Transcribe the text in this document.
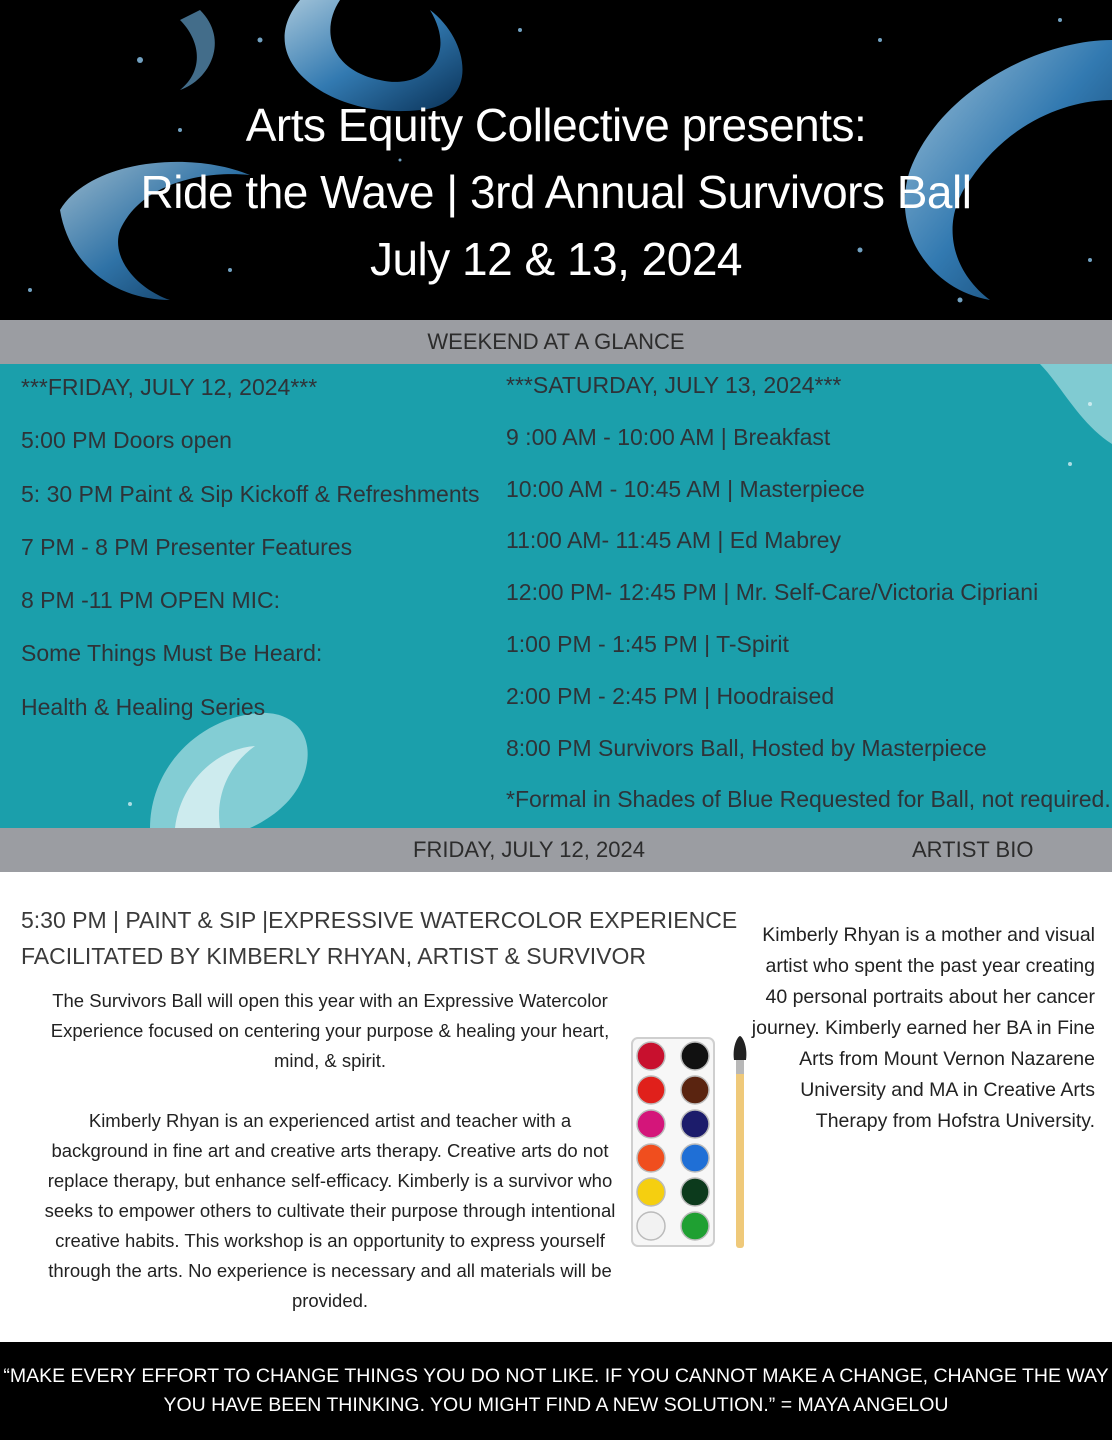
Arts Equity Collective presents:
Ride the Wave | 3rd Annual Survivors Ball
July 12 & 13, 2024
WEEKEND AT A GLANCE
***FRIDAY, JULY 12, 2024***
5:00 PM Doors open
5: 30 PM Paint & Sip Kickoff & Refreshments
7 PM - 8 PM Presenter Features
8 PM -11 PM OPEN MIC:
Some Things Must Be Heard:
Health & Healing Series
***SATURDAY, JULY 13, 2024***
9 :00 AM - 10:00 AM | Breakfast
10:00 AM - 10:45 AM | Masterpiece
11:00 AM- 11:45 AM | Ed Mabrey
12:00 PM- 12:45 PM | Mr. Self-Care/Victoria Cipriani
1:00 PM - 1:45 PM | T-Spirit
2:00 PM - 2:45 PM | Hoodraised
8:00 PM Survivors Ball, Hosted by Masterpiece
*Formal in Shades of Blue Requested for Ball, not required.
FRIDAY, JULY 12, 2024	ARTIST BIO
5:30 PM | PAINT & SIP |EXPRESSIVE WATERCOLOR EXPERIENCE
FACILITATED BY KIMBERLY RHYAN, ARTIST & SURVIVOR

The Survivors Ball will open this year with an Expressive Watercolor Experience focused on centering your purpose & healing your heart, mind, & spirit.

Kimberly Rhyan is an experienced artist and teacher with a background in fine art and creative arts therapy. Creative arts do not replace therapy, but enhance self-efficacy. Kimberly is a survivor who seeks to empower others to cultivate their purpose through intentional creative habits. This workshop is an opportunity to express yourself through the arts. No experience is necessary and all materials will be provided.

Kimberly Rhyan is a mother and visual artist who spent the past year creating 40 personal portraits about her cancer journey. Kimberly earned her BA in Fine Arts from Mount Vernon Nazarene University and MA in Creative Arts Therapy from Hofstra University.
“MAKE EVERY EFFORT TO CHANGE THINGS YOU DO NOT LIKE. IF YOU CANNOT MAKE A CHANGE, CHANGE THE WAY YOU HAVE BEEN THINKING. YOU MIGHT FIND A NEW SOLUTION.” = MAYA ANGELOU
